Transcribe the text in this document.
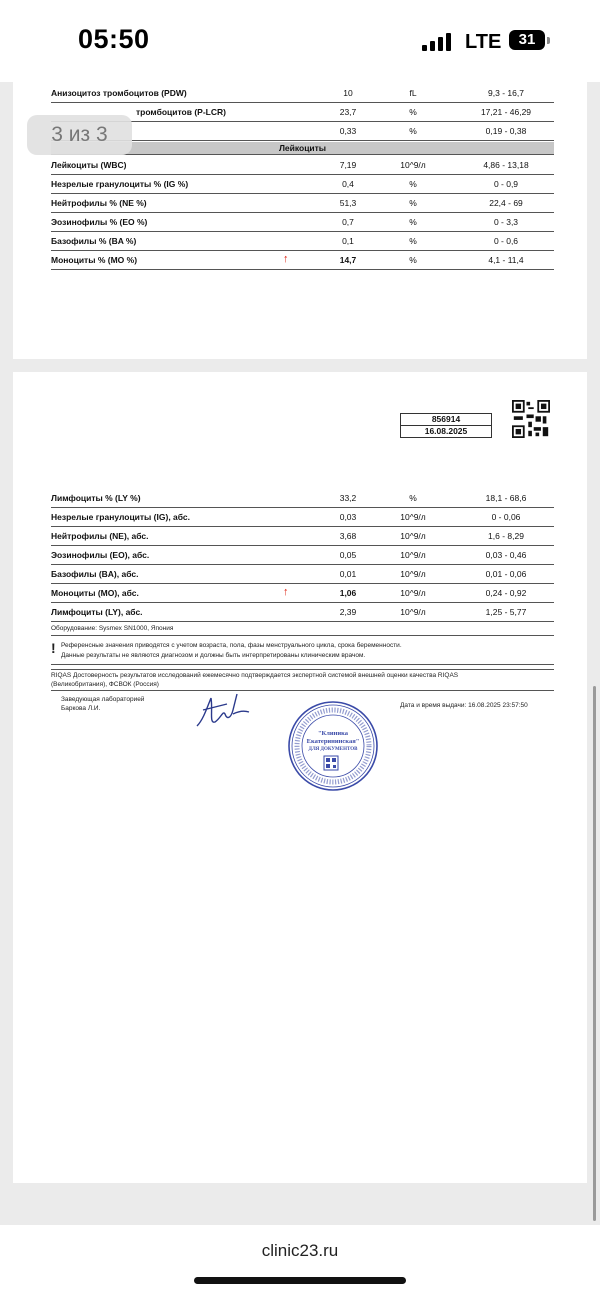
05:50	LTE	31
Анизоцитоз тромбоцитов (PDW)	10	fL	9,3 - 16,7
тромбоцитов (P-LCR)	23,7	%	17,21 - 46,29
0,33	%	0,19 - 0,38
Лейкоциты
Лейкоциты (WBC)	7,19	10^9/л	4,86 - 13,18
Незрелые гранулоциты % (IG %)	0,4	%	0 - 0,9
Нейтрофилы % (NE %)	51,3	%	22,4 - 69
Эозинофилы % (EO %)	0,7	%	0 - 3,3
Базофилы % (BA %)	0,1	%	0 - 0,6
Моноциты % (MO %)	↑	14,7	%	4,1 - 11,4
3 из 3
856914
16.08.2025
Лимфоциты % (LY %)	33,2	%	18,1 - 68,6
Незрелые гранулоциты (IG), абс.	0,03	10^9/л	0 - 0,06
Нейтрофилы (NE), абс.	3,68	10^9/л	1,6 - 8,29
Эозинофилы (EO), абс.	0,05	10^9/л	0,03 - 0,46
Базофилы (BA), абс.	0,01	10^9/л	0,01 - 0,06
Моноциты (MO), абс.	↑	1,06	10^9/л	0,24 - 0,92
Лимфоциты (LY), абс.	2,39	10^9/л	1,25 - 5,77
Оборудование: Sysmex SN1000, Япония
! Референсные значения приводятся с учетом возраста, пола, фазы менструального цикла, срока беременности.
Данные результаты не являются диагнозом и должны быть интерпретированы клиническим врачом.
RIQAS Достоверность результатов исследований ежемесячно подтверждается экспертной системой внешней оценки качества RIQAS
(Великобритания), ФСВОК (Россия)
Заведующая лабораторией
Баркова Л.И.	Дата и время выдачи: 16.08.2025 23:57:50
"Клиника
Екатерининская"
ДЛЯ ДОКУМЕНТОВ
clinic23.ru
